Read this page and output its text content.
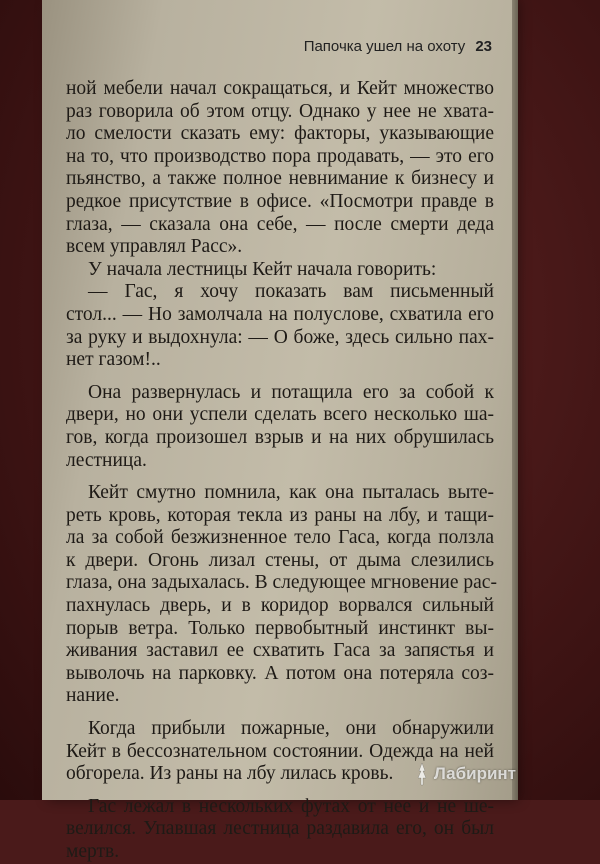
Папочка ушел на охоту 23
ной мебели начал сокращаться, и Кейт множество
раз говорила об этом отцу. Однако у нее не хвата-
ло смелости сказать ему: факторы, указывающие
на то, что производство пора продавать, — это его
пьянство, а также полное невнимание к бизнесу и
редкое присутствие в офисе. «Посмотри правде в
глаза, — сказала она себе, — после смерти деда
всем управлял Расс».
У начала лестницы Кейт начала говорить:
— Гас, я хочу показать вам письменный
стол... — Но замолчала на полуслове, схватила его
за руку и выдохнула: — О боже, здесь сильно пах-
нет газом!..
Она развернулась и потащила его за собой к
двери, но они успели сделать всего несколько ша-
гов, когда произошел взрыв и на них обрушилась
лестница.
Кейт смутно помнила, как она пыталась выте-
реть кровь, которая текла из раны на лбу, и тащи-
ла за собой безжизненное тело Гаса, когда ползла
к двери. Огонь лизал стены, от дыма слезились
глаза, она задыхалась. В следующее мгновение рас-
пахнулась дверь, и в коридор ворвался сильный
порыв ветра. Только первобытный инстинкт вы-
живания заставил ее схватить Гаса за запястья и
выволочь на парковку. А потом она потеряла соз-
нание.
Когда прибыли пожарные, они обнаружили
Кейт в бессознательном состоянии. Одежда на ней
обгорела. Из раны на лбу лилась кровь.
Гас лежал в нескольких футах от нее и не ше-
велился. Упавшая лестница раздавила его, он был
мертв.
Лабиринт
